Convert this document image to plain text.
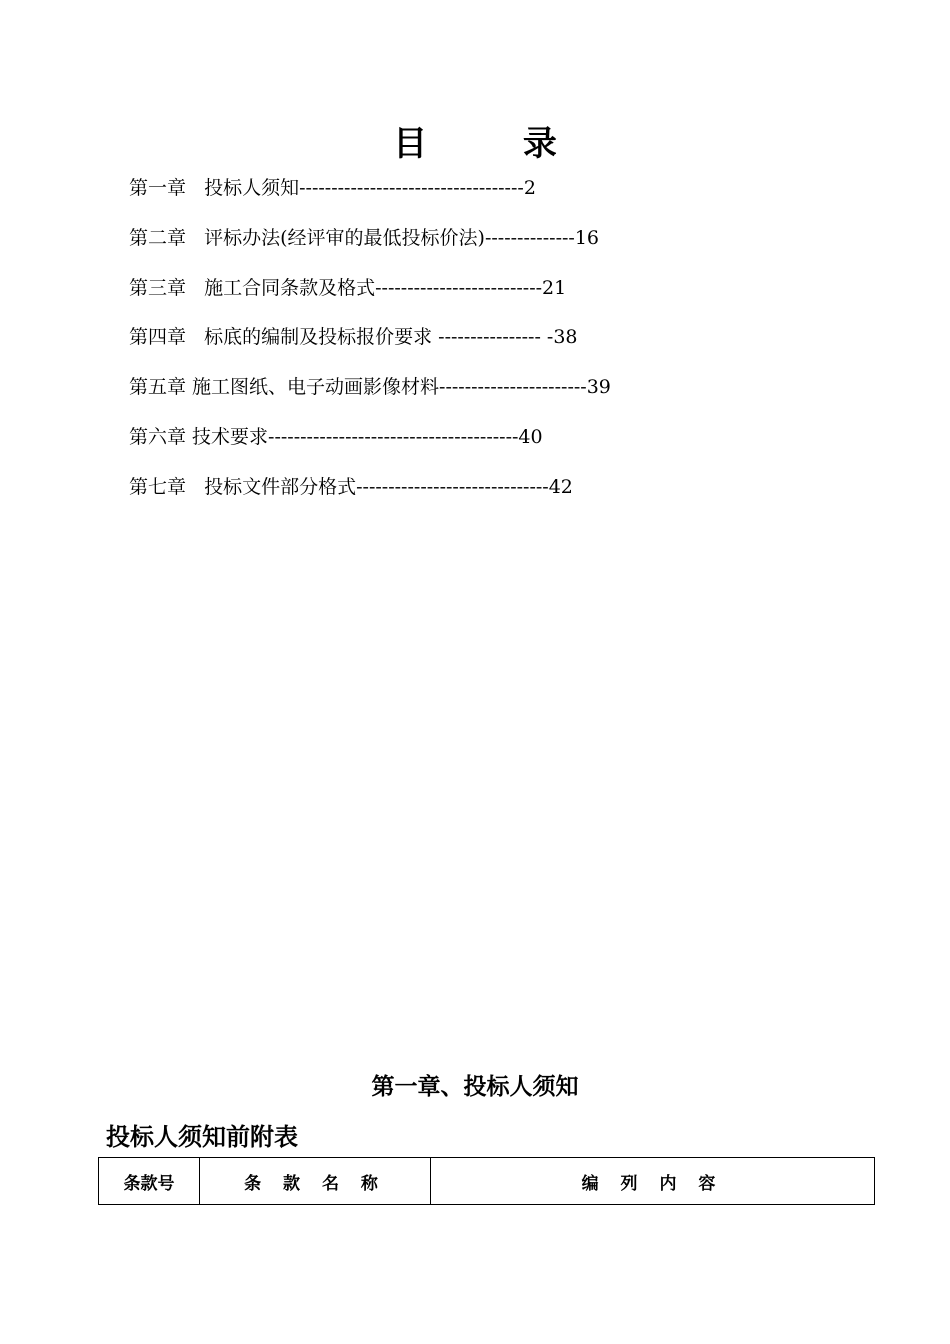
目 录
第一章   投标人须知-----------------------------------2
第二章   评标办法(经评审的最低投标价法)--------------16
第三章   施工合同条款及格式--------------------------21
第四章   标底的编制及投标报价要求 ---------------- -38
第五章 施工图纸、电子动画影像材料-----------------------39
第六章 技术要求---------------------------------------40
第七章   投标文件部分格式------------------------------42
第一章、投标人须知
投标人须知前附表
条款号	条 款 名 称	编 列 内 容
